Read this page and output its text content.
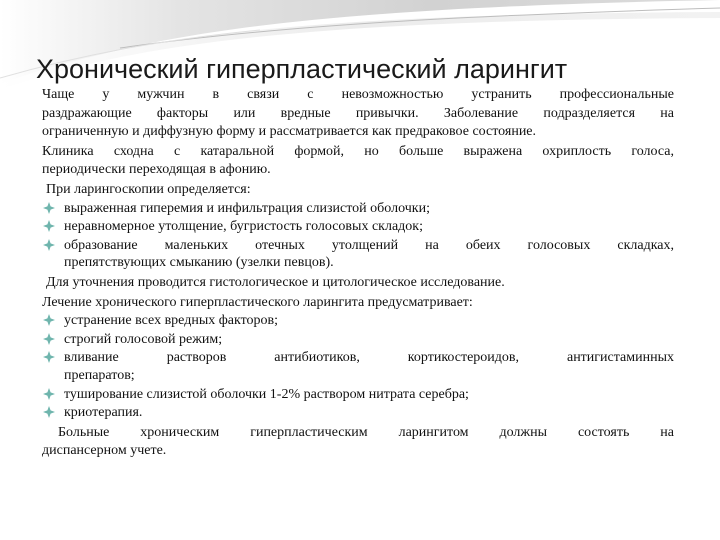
Хронический гиперпластический ларингит
Чаще у мужчин в связи с невозможностью устранить профессиональные
раздражающие факторы или вредные привычки. Заболевание подразделяется на
ограниченную и диффузную форму и рассматривается как предраковое состояние.
Клиника сходна с катаральной формой, но больше выражена охриплость голоса,
периодически переходящая в афонию.
При ларингоскопии определяется:
выраженная гиперемия и инфильтрация слизистой оболочки;
неравномерное утолщение, бугристость голосовых складок;
образование маленьких отечных утолщений на обеих голосовых складках,
препятствующих смыканию (узелки певцов).
Для уточнения проводится гистологическое и цитологическое исследование.
Лечение хронического гиперпластического ларингита предусматривает:
устранение всех вредных факторов;
строгий голосовой режим;
вливание растворов антибиотиков, кортикостероидов, антигистаминных
препаратов;
туширование слизистой оболочки 1-2% раствором нитрата серебра;
криотерапия.
Больные хроническим гиперпластическим ларингитом должны состоять на
диспансерном учете.
